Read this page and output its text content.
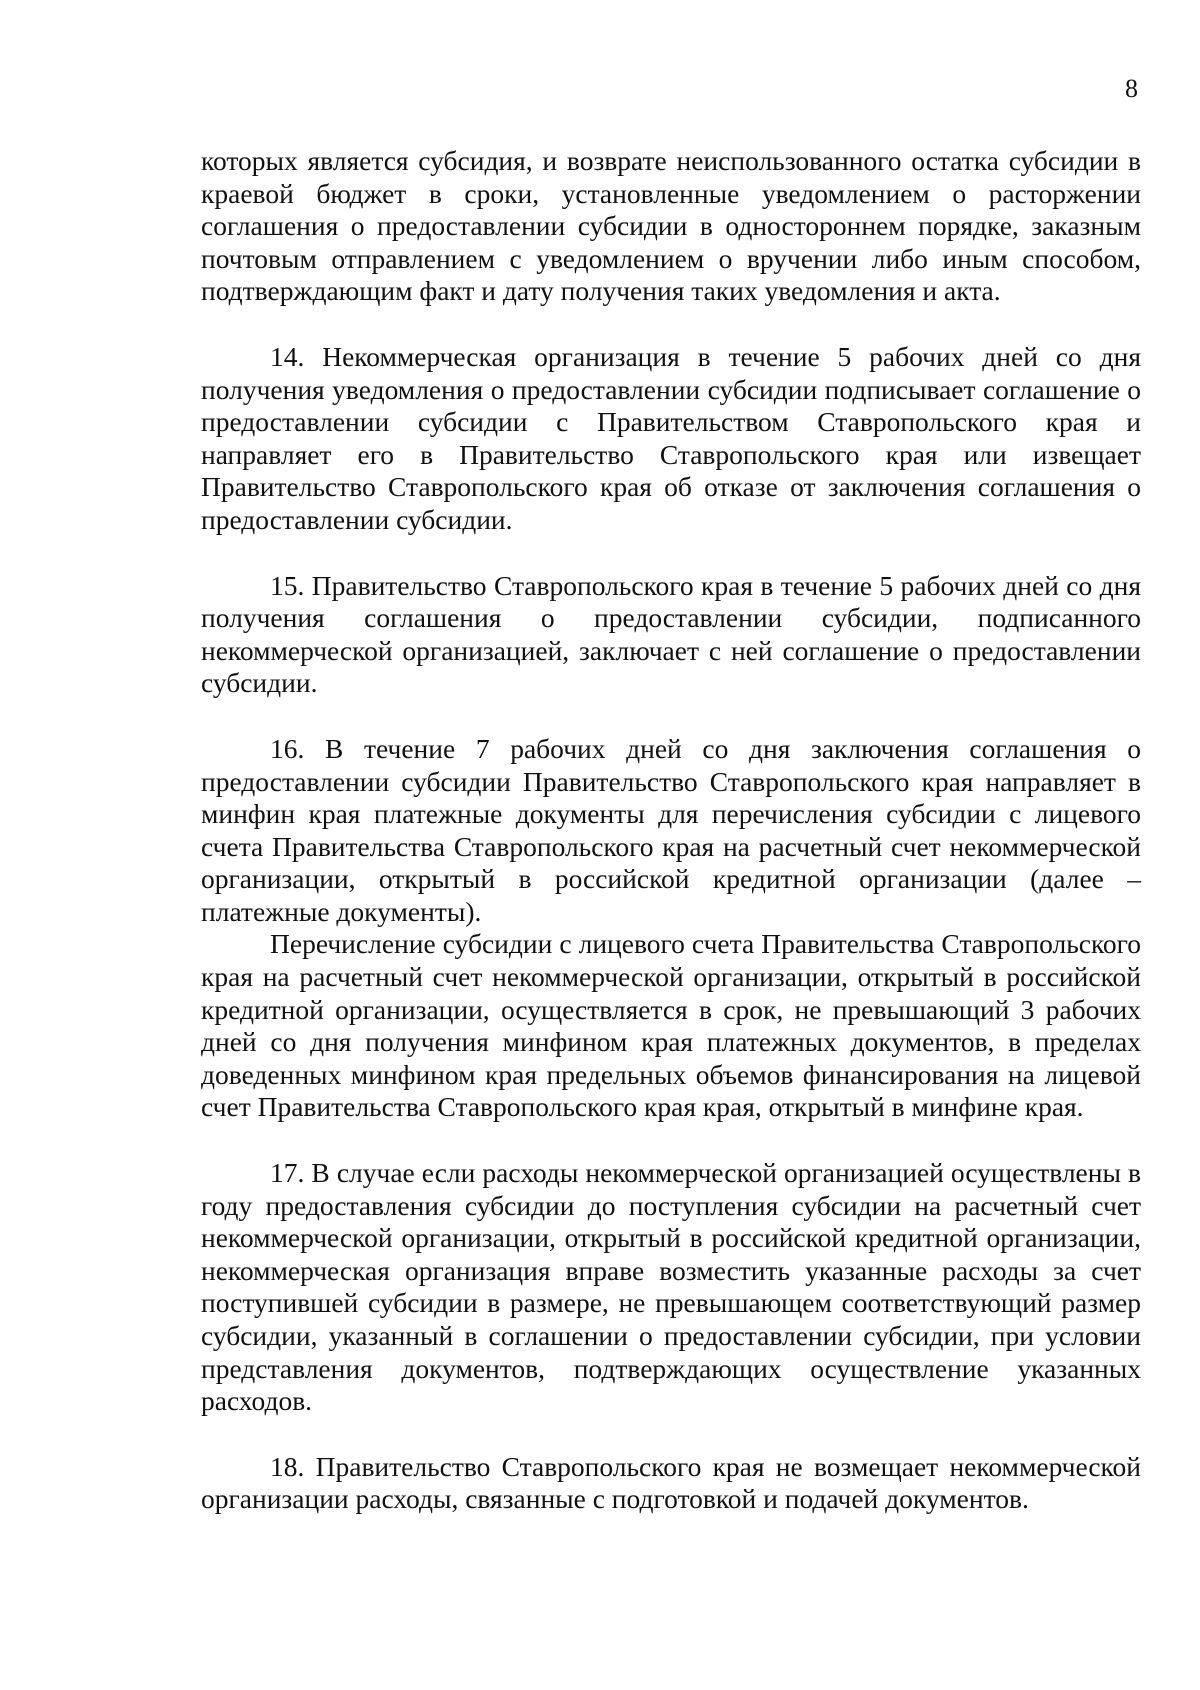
8

которых является субсидия, и возврате неиспользованного остатка субсидии в краевой бюджет в сроки, установленные уведомлением о расторжении соглашения о предоставлении субсидии в одностороннем порядке, заказным почтовым отправлением с уведомлением о вручении либо иным способом, подтверждающим факт и дату получения таких уведомления и акта.

14. Некоммерческая организация в течение 5 рабочих дней со дня получения уведомления о предоставлении субсидии подписывает соглашение о предоставлении субсидии с Правительством Ставропольского края и направляет его в Правительство Ставропольского края или извещает Правительство Ставропольского края об отказе от заключения соглашения о предоставлении субсидии.

15. Правительство Ставропольского края в течение 5 рабочих дней со дня получения соглашения о предоставлении субсидии, подписанного некоммерческой организацией, заключает с ней соглашение о предоставлении субсидии.

16. В течение 7 рабочих дней со дня заключения соглашения о предоставлении субсидии Правительство Ставропольского края направляет в минфин края платежные документы для перечисления субсидии с лицевого счета Правительства Ставропольского края на расчетный счет некоммерческой организации, открытый в российской кредитной организации (далее – платежные документы).

Перечисление субсидии с лицевого счета Правительства Ставропольского края на расчетный счет некоммерческой организации, открытый в российской кредитной организации, осуществляется в срок, не превышающий 3 рабочих дней со дня получения минфином края платежных документов, в пределах доведенных минфином края предельных объемов финансирования на лицевой счет Правительства Ставропольского края края, открытый в минфине края.

17. В случае если расходы некоммерческой организацией осуществлены в году предоставления субсидии до поступления субсидии на расчетный счет некоммерческой организации, открытый в российской кредитной организации, некоммерческая организация вправе возместить указанные расходы за счет поступившей субсидии в размере, не превышающем соответствующий размер субсидии, указанный в соглашении о предоставлении субсидии, при условии представления документов, подтверждающих осуществление указанных расходов.

18. Правительство Ставропольского края не возмещает некоммерческой организации расходы, связанные с подготовкой и подачей документов.
